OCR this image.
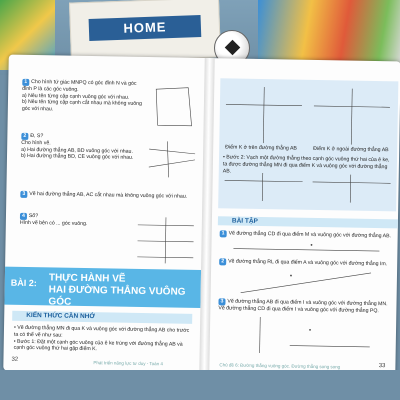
HOME
1 Cho hình tứ giác MNPQ có góc đỉnh N và góc đỉnh P là các góc vuông.
a) Nêu tên từng cặp cạnh vuông góc với nhau.
b) Nêu tên từng cặp cạnh cắt nhau mà không vuông góc với nhau.
2 Đ, S?
Cho hình vẽ.
a) Hai đường thẳng AB, BD vuông góc với nhau.
b) Hai đường thẳng BD, CE vuông góc với nhau.
3 Vẽ hai đường thẳng AB, AC cắt nhau mà không vuông góc với nhau.
4 Số?
Hình vẽ bên có ... góc vuông.
BÀI 2: THỰC HÀNH VẼ
HAI ĐƯỜNG THẲNG VUÔNG GÓC
KIẾN THỨC CẦN NHỚ
• Vẽ đường thẳng MN đi qua K và vuông góc với đường thẳng AB cho trước ta có thể vẽ như sau:
• Bước 1: Đặt một cạnh góc vuông của ê ke trùng với đường thẳng AB và cạnh góc vuông thứ hai gặp điểm K.
32
Phát triển năng lực tư duy - Toán 4
Điểm K ở trên đường thẳng AB	Điểm K ở ngoài đường thẳng AB
• Bước 2: Vạch một đường thẳng theo cạnh góc vuông thứ hai của ê ke, ta được đường thẳng MN đi qua điểm K và vuông góc với đường thẳng AB.
BÀI TẬP
1 Vẽ đường thẳng CD đi qua điểm M và vuông góc với đường thẳng AB.
2 Vẽ đường thẳng RL đi qua điểm A và vuông góc với đường thẳng Im.
3 Vẽ đường thẳng AB đi qua điểm I và vuông góc với đường thẳng MN. Vẽ đường thẳng CD đi qua điểm I và vuông góc với đường thẳng PQ.
33
Chủ đề 6: Đường thẳng vuông góc. Đường thẳng song song
